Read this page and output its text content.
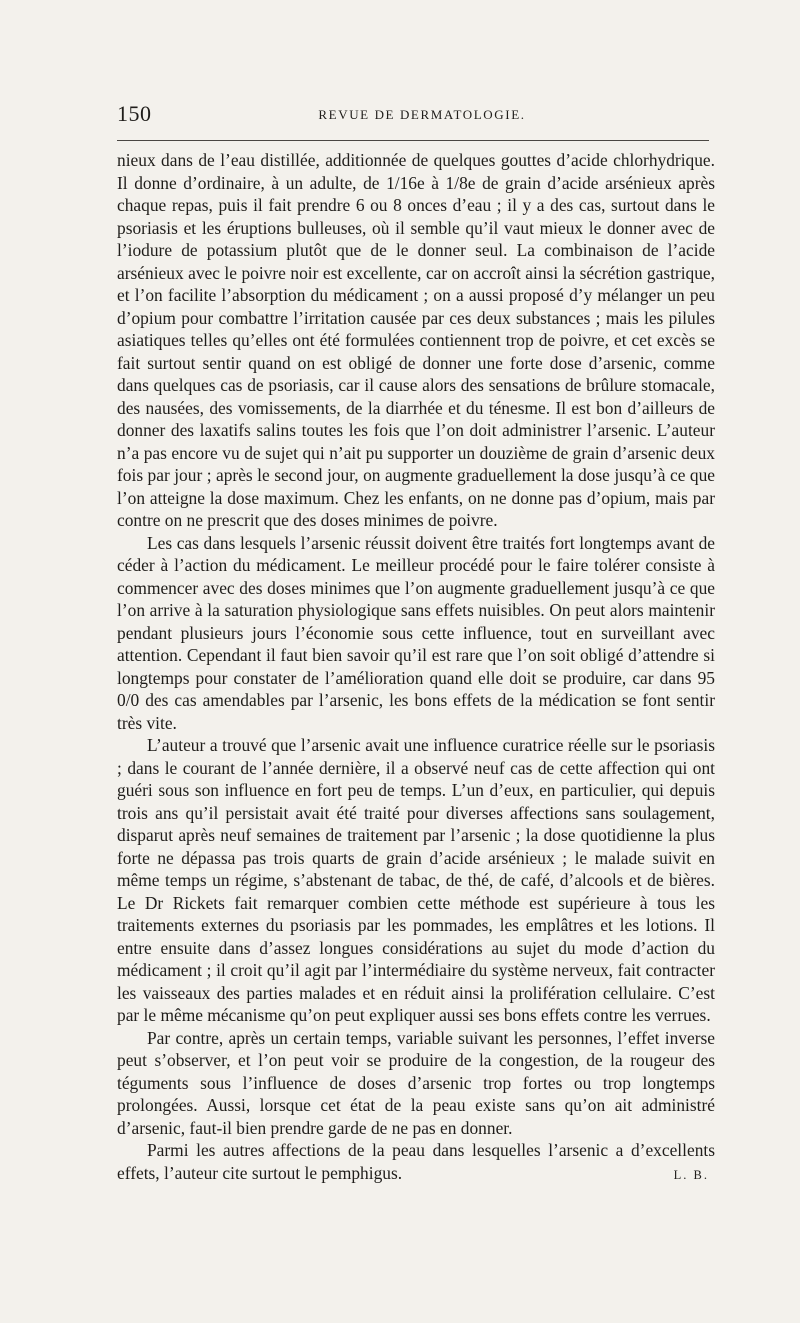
150	REVUE DE DERMATOLOGIE.

nieux dans de l’eau distillée, additionnée de quelques gouttes d’acide chlorhydrique. Il donne d’ordinaire, à un adulte, de 1/16e à 1/8e de grain d’acide arsénieux après chaque repas, puis il fait prendre 6 ou 8 onces d’eau ; il y a des cas, surtout dans le psoriasis et les éruptions bulleuses, où il semble qu’il vaut mieux le donner avec de l’iodure de potassium plutôt que de le donner seul. La combinaison de l’acide arsénieux avec le poivre noir est excellente, car on accroît ainsi la sécrétion gastrique, et l’on facilite l’absorption du médicament ; on a aussi proposé d’y mélanger un peu d’opium pour combattre l’irritation causée par ces deux substances ; mais les pilules asiatiques telles qu’elles ont été formulées contiennent trop de poivre, et cet excès se fait surtout sentir quand on est obligé de donner une forte dose d’arsenic, comme dans quelques cas de psoriasis, car il cause alors des sensations de brûlure stomacale, des nausées, des vomissements, de la diarrhée et du ténesme. Il est bon d’ailleurs de donner des laxatifs salins toutes les fois que l’on doit administrer l’arsenic. L’auteur n’a pas encore vu de sujet qui n’ait pu supporter un douzième de grain d’arsenic deux fois par jour ; après le second jour, on augmente graduellement la dose jusqu’à ce que l’on atteigne la dose maximum. Chez les enfants, on ne donne pas d’opium, mais par contre on ne prescrit que des doses minimes de poivre.

Les cas dans lesquels l’arsenic réussit doivent être traités fort longtemps avant de céder à l’action du médicament. Le meilleur procédé pour le faire tolérer consiste à commencer avec des doses minimes que l’on augmente graduellement jusqu’à ce que l’on arrive à la saturation physiologique sans effets nuisibles. On peut alors maintenir pendant plusieurs jours l’économie sous cette influence, tout en surveillant avec attention. Cependant il faut bien savoir qu’il est rare que l’on soit obligé d’attendre si longtemps pour constater de l’amélioration quand elle doit se produire, car dans 95 0/0 des cas amendables par l’arsenic, les bons effets de la médication se font sentir très vite.

L’auteur a trouvé que l’arsenic avait une influence curatrice réelle sur le psoriasis ; dans le courant de l’année dernière, il a observé neuf cas de cette affection qui ont guéri sous son influence en fort peu de temps. L’un d’eux, en particulier, qui depuis trois ans qu’il persistait avait été traité pour diverses affections sans soulagement, disparut après neuf semaines de traitement par l’arsenic ; la dose quotidienne la plus forte ne dépassa pas trois quarts de grain d’acide arsénieux ; le malade suivit en même temps un régime, s’abstenant de tabac, de thé, de café, d’alcools et de bières. Le Dr Rickets fait remarquer combien cette méthode est supérieure à tous les traitements externes du psoriasis par les pommades, les emplâtres et les lotions. Il entre ensuite dans d’assez longues considérations au sujet du mode d’action du médicament ; il croit qu’il agit par l’intermédiaire du système nerveux, fait contracter les vaisseaux des parties malades et en réduit ainsi la prolifération cellulaire. C’est par le même mécanisme qu’on peut expliquer aussi ses bons effets contre les verrues.

Par contre, après un certain temps, variable suivant les personnes, l’effet inverse peut s’observer, et l’on peut voir se produire de la congestion, de la rougeur des téguments sous l’influence de doses d’arsenic trop fortes ou trop longtemps prolongées. Aussi, lorsque cet état de la peau existe sans qu’on ait administré d’arsenic, faut-il bien prendre garde de ne pas en donner.

Parmi les autres affections de la peau dans lesquelles l’arsenic a d’excellents effets, l’auteur cite surtout le pemphigus.	L. B.
